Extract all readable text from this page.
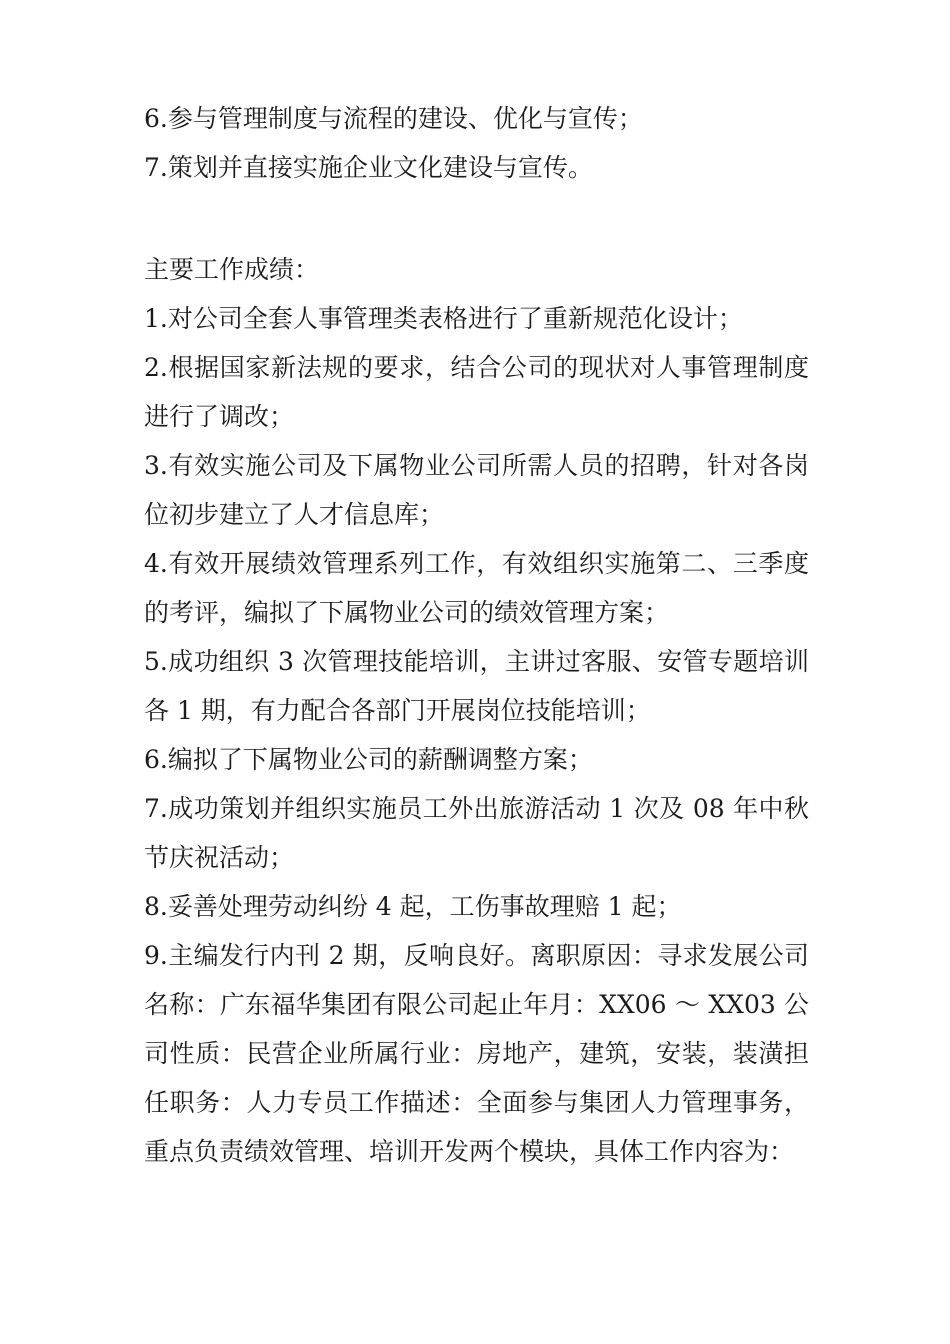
6.参与管理制度与流程的建设、优化与宣传；

7.策划并直接实施企业文化建设与宣传。

主要工作成绩：

1.对公司全套人事管理类表格进行了重新规范化设计；

2.根据国家新法规的要求，结合公司的现状对人事管理制度进行了调改；

3.有效实施公司及下属物业公司所需人员的招聘，针对各岗位初步建立了人才信息库；

4.有效开展绩效管理系列工作，有效组织实施第二、三季度的考评，编拟了下属物业公司的绩效管理方案；

5.成功组织 3 次管理技能培训，主讲过客服、安管专题培训各 1 期，有力配合各部门开展岗位技能培训；

6.编拟了下属物业公司的薪酬调整方案；

7.成功策划并组织实施员工外出旅游活动 1 次及 08 年中秋节庆祝活动；

8.妥善处理劳动纠纷 4 起，工伤事故理赔 1 起；

9.主编发行内刊 2 期，反响良好。离职原因：寻求发展公司名称：广东福华集团有限公司起止年月：XX06 ～ XX03 公司性质：民营企业所属行业：房地产，建筑，安装，装潢担任职务：人力专员工作描述：全面参与集团人力管理事务，重点负责绩效管理、培训开发两个模块，具体工作内容为：
